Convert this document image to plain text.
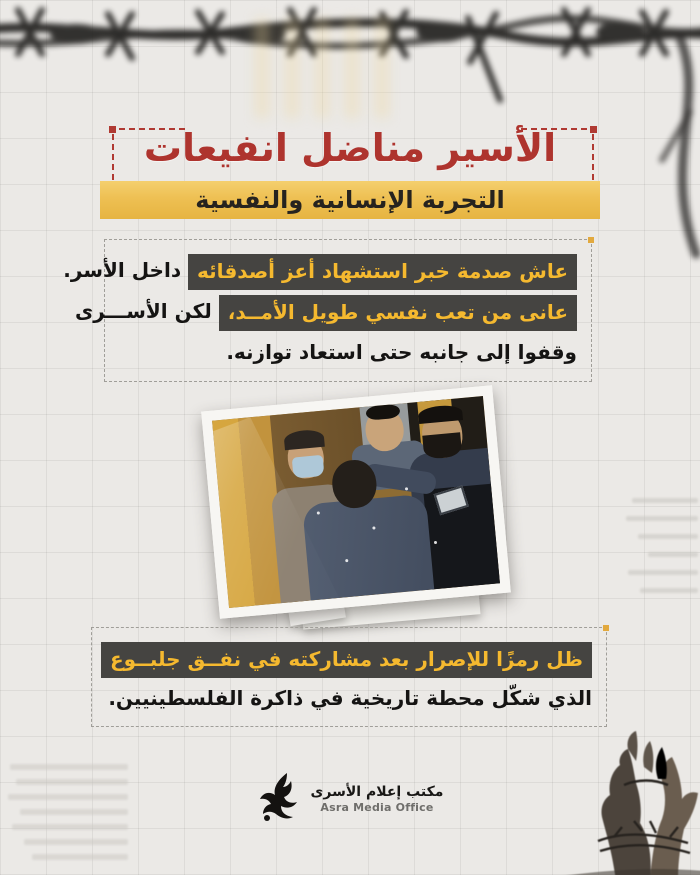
الأسير مناضل انفيعات
التجربة الإنسانية والنفسية
عاش صدمة خبر استشهاد أعز أصدقائه داخل الأسر.
عانى من تعب نفسي طويل الأمــد، لكن الأســـرى
وقفوا إلى جانبه حتى استعاد توازنه.
ظل رمزًا للإصرار بعد مشاركته في نفــق جلبــوع
الذي شكّل محطة تاريخية في ذاكرة الفلسطينيين.
مكتب إعلام الأسرى
Asra Media Office
